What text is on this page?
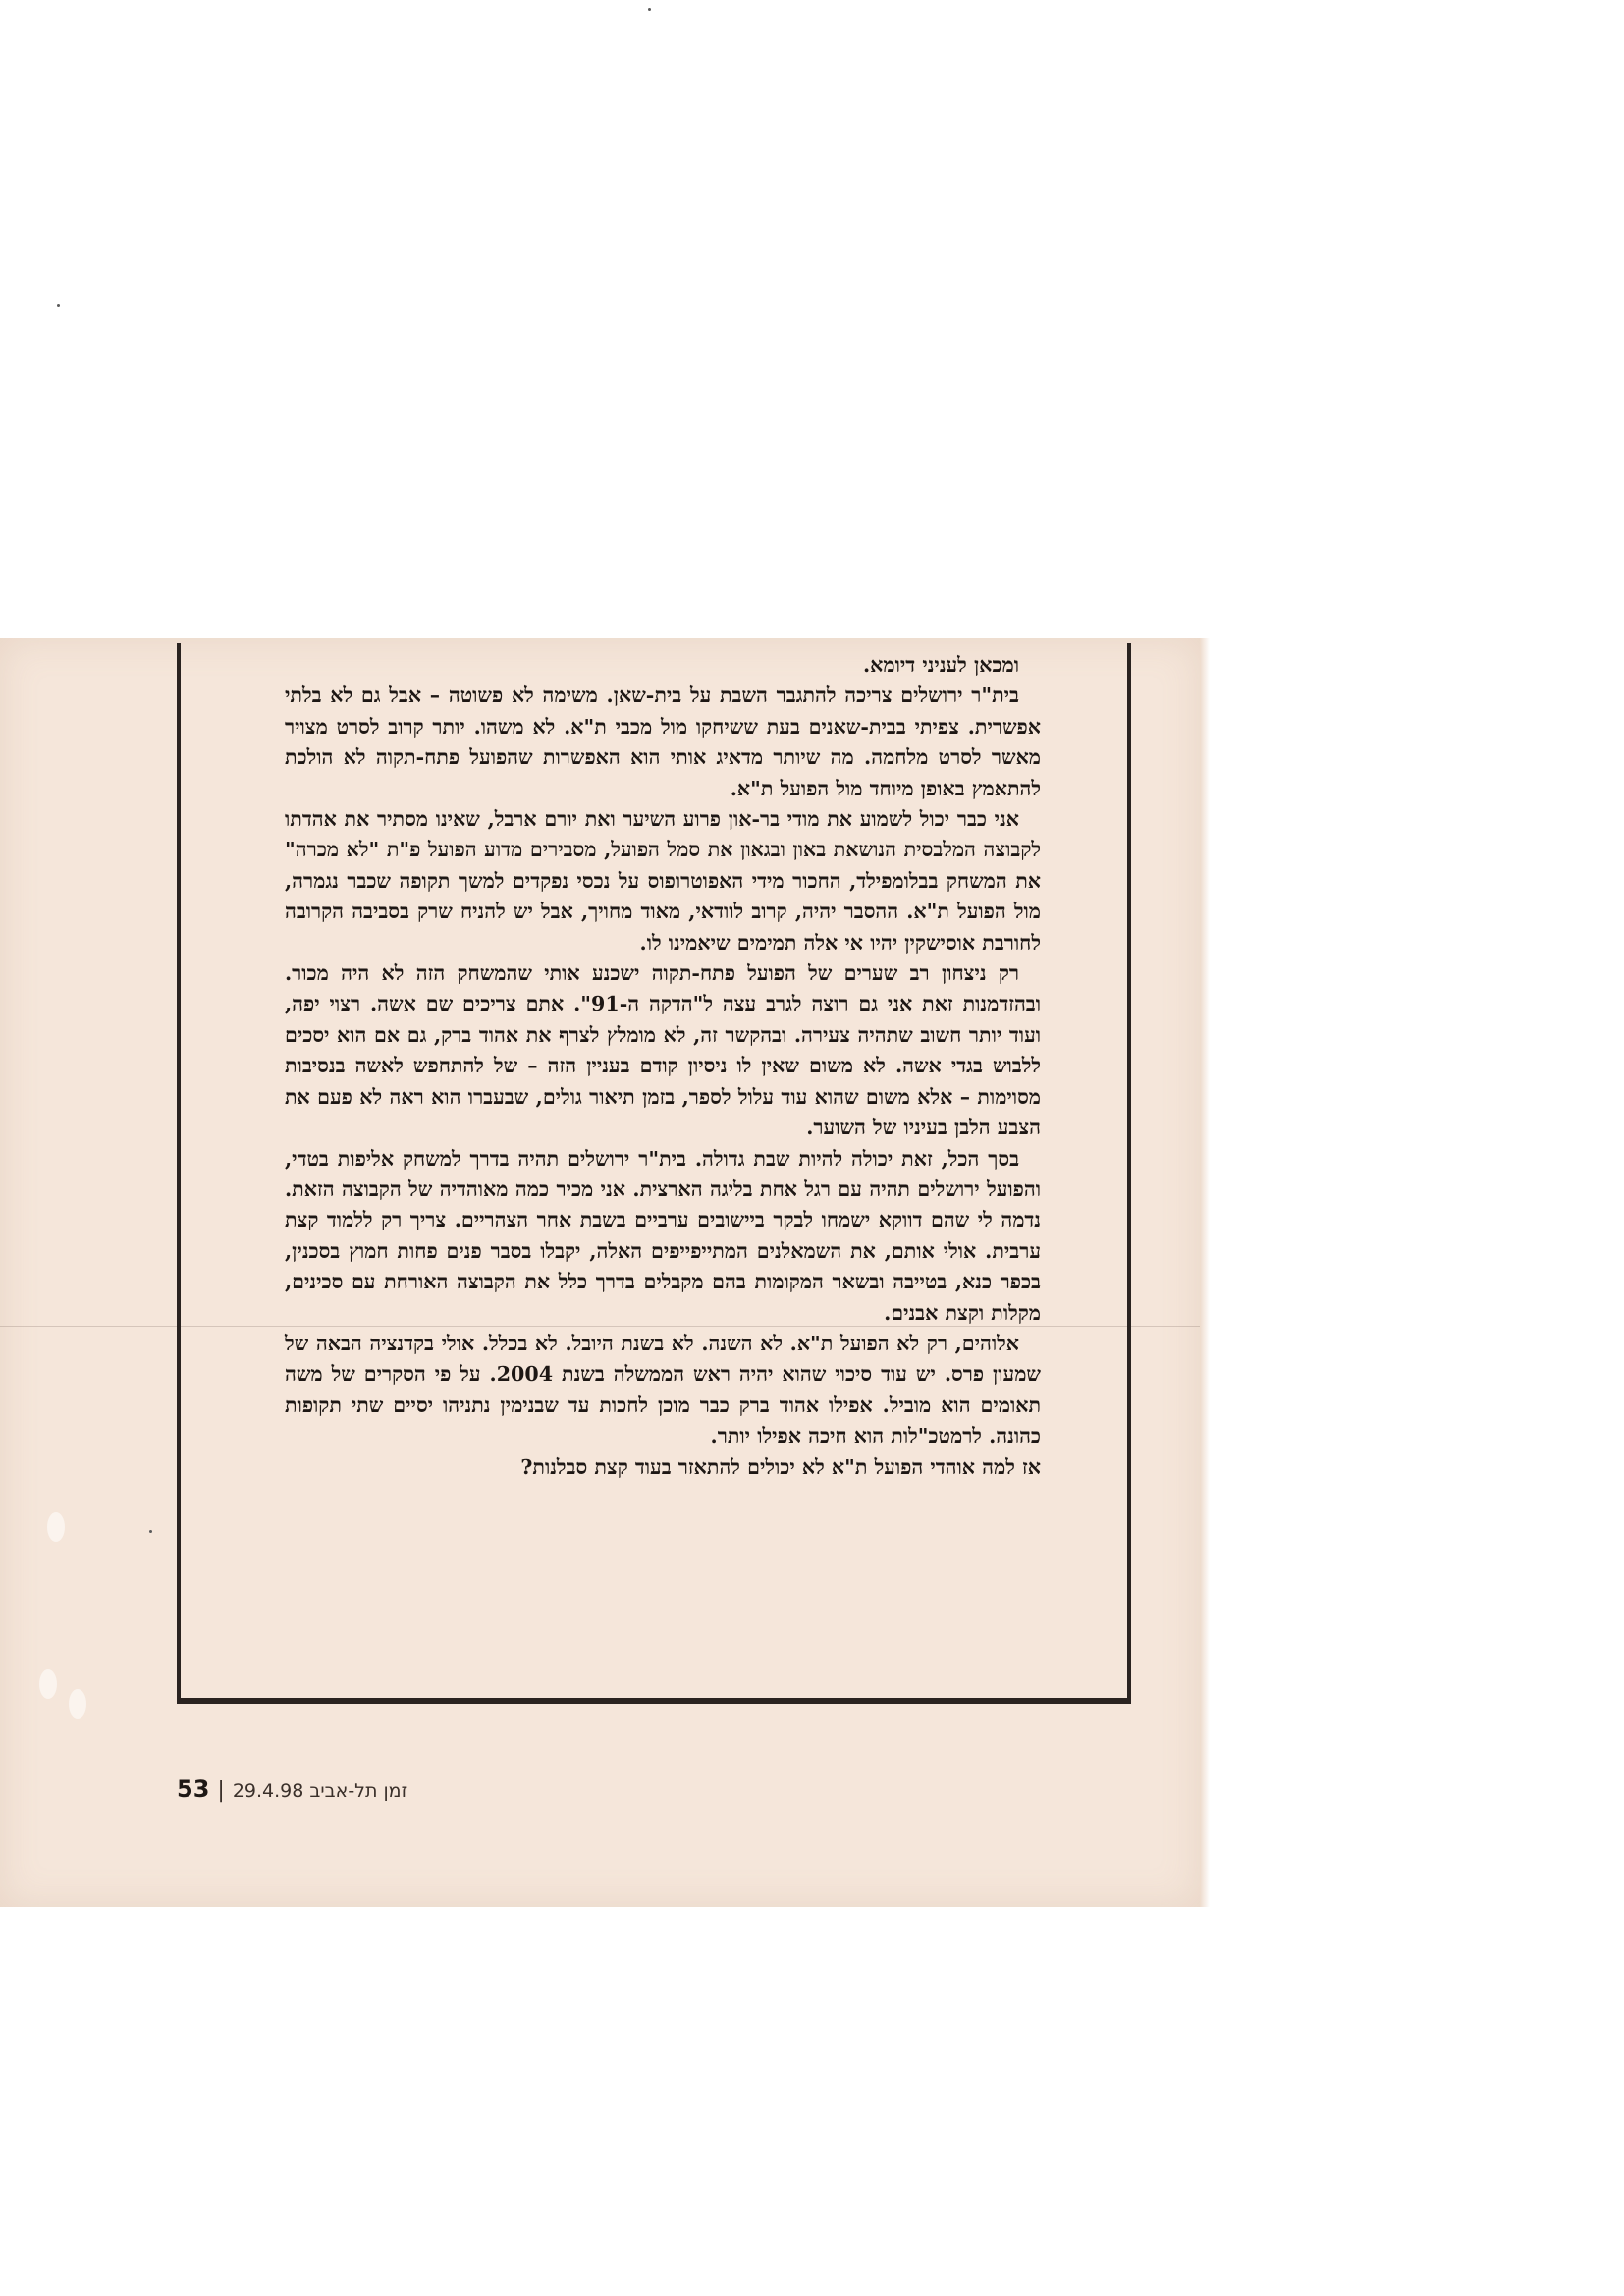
ומכאן לעניני דיומא.

בית"ר ירושלים צריכה להתגבר השבת על בית-שאן. משימה לא פשוטה – אבל גם לא בלתי אפשרית. צפיתי בבית-שאנים בעת ששיחקו מול מכבי ת"א. לא משהו. יותר קרוב לסרט מצויר מאשר לסרט מלחמה. מה שיותר מדאיג אותי הוא האפשרות שהפועל פתח-תקוה לא הולכת להתאמץ באופן מיוחד מול הפועל ת"א.

אני כבר יכול לשמוע את מודי בר-און פרוע השיער ואת יורם ארבל, שאינו מסתיר את אהדתו לקבוצה המלבסית הנושאת באון ובגאון את סמל הפועל, מסבירים מדוע הפועל פ"ת "לא מכרה" את המשחק בבלומפילד, החכור מידי האפוטרופוס על נכסי נפקדים למשך תקופה שכבר נגמרה, מול הפועל ת"א. ההסבר יהיה, קרוב לוודאי, מאוד מחויך, אבל יש להניח שרק בסביבה הקרובה לחורבת אוסישקין יהיו אי אלה תמימים שיאמינו לו.

רק ניצחון רב שערים של הפועל פתח-תקוה ישכנע אותי שהמשחק הזה לא היה מכור. ובהזדמנות זאת אני גם רוצה לגרב עצה ל"הדקה ה-91". אתם צריכים שם אשה. רצוי יפה, ועוד יותר חשוב שתהיה צעירה. ובהקשר זה, לא מומלץ לצרף את אהוד ברק, גם אם הוא יסכים ללבוש בגדי אשה. לא משום שאין לו ניסיון קודם בעניין הזה – של להתחפש לאשה בנסיבות מסוימות – אלא משום שהוא עוד עלול לספר, בזמן תיאור גולים, שבעברו הוא ראה לא פעם את הצבע הלבן בעיניו של השוער.

בסך הכל, זאת יכולה להיות שבת גדולה. בית"ר ירושלים תהיה בדרך למשחק אליפות בטדי, והפועל ירושלים תהיה עם רגל אחת בליגה הארצית. אני מכיר כמה מאוהדיה של הקבוצה הזאת. נדמה לי שהם דווקא ישמחו לבקר ביישובים ערביים בשבת אחר הצהריים. צריך רק ללמוד קצת ערבית. אולי אותם, את השמאלנים המתייפייפים האלה, יקבלו בסבר פנים פחות חמוץ בסכנין, בכפר כנא, בטייבה ובשאר המקומות בהם מקבלים בדרך כלל את הקבוצה האורחת עם סכינים, מקלות וקצת אבנים.

אלוהים, רק לא הפועל ת"א. לא השנה. לא בשנת היובל. לא בכלל. אולי בקדנציה הבאה של שמעון פרס. יש עוד סיכוי שהוא יהיה ראש הממשלה בשנת 2004. על פי הסקרים של משה תאומים הוא מוביל. אפילו אהוד ברק כבר מוכן לחכות עד שבנימין נתניהו יסיים שתי תקופות כהונה. לרמטכ"לות הוא חיכה אפילו יותר.

אז למה אוהדי הפועל ת"א לא יכולים להתאזר בעוד קצת סבלנות?

53 | זמן תל-אביב 29.4.98
